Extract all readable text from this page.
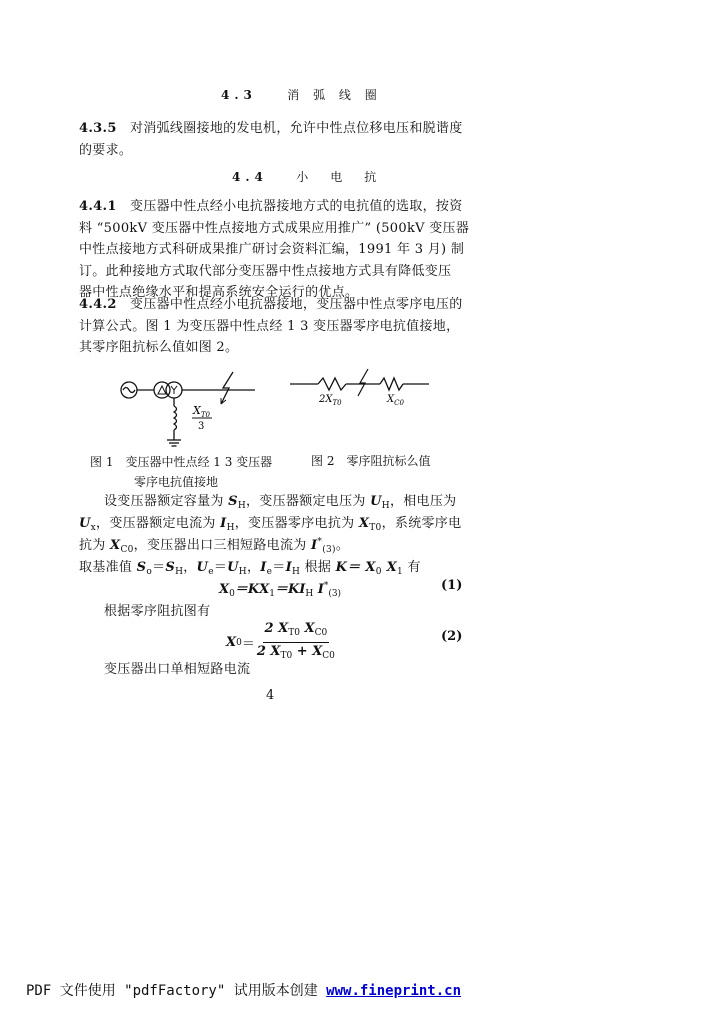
4.3	消 弧 线 圈
4.3.5　 对消弧线圈接地的发电机，允许中性点位移电压和脱谐度
的要求。
4.4 小　电　抗
4.4.1　 变压器中性点经小电抗器接地方式的电抗值的选取，按资
料 “500kV 变压器中性点接地方式成果应用推广” (500kV 变压器
中性点接地方式科研成果推广研讨会资料汇编，1991 年 3 月) 制
订。此种接地方式取代部分变压器中性点接地方式具有降低变压
器中性点绝缘水平和提高系统安全运行的优点。
4.4.2　 变压器中性点经小电抗器接地，变压器中性点零序电压的
计算公式。图 1 为变压器中性点经 1 3 变压器零序电抗值接地，
其零序阻抗标么值如图 2。
$X_{T0}$
3
$2X_{T0}$	$X_{C0}$
图 1　 变压器中性点经 1 3 变压器
零序电抗值接地
图 2　 零序阻抗标么值
设变压器额定容量为 $S_H$，变压器额定电压为 $U_H$，相电压为
$U_x$，变压器额定电流为 $I_H$，变压器零序电抗为 $X_{T0}$，系统零序电
抗为 $X_{C0}$，变压器出口三相短路电流为 $I^*_{(3)}$。
取基准值 $S_o=S_H$，$U_e=U_H$，$I_e=I_H$ 根据 $K= X_0$ $X_1$ 有
$X_0=KX_1=KI_H$ $I^*_{(3)}$
(1)
根据零序阻抗图有
X $0 = \frac{2 X_{T0} X_{C0}}{2 X_{T0} + X_{C0}}$	(2)
变压器出口单相短路电流
4
PDF 文件使用 "pdfFactory" 试用版本创建 www.fineprint.cn
